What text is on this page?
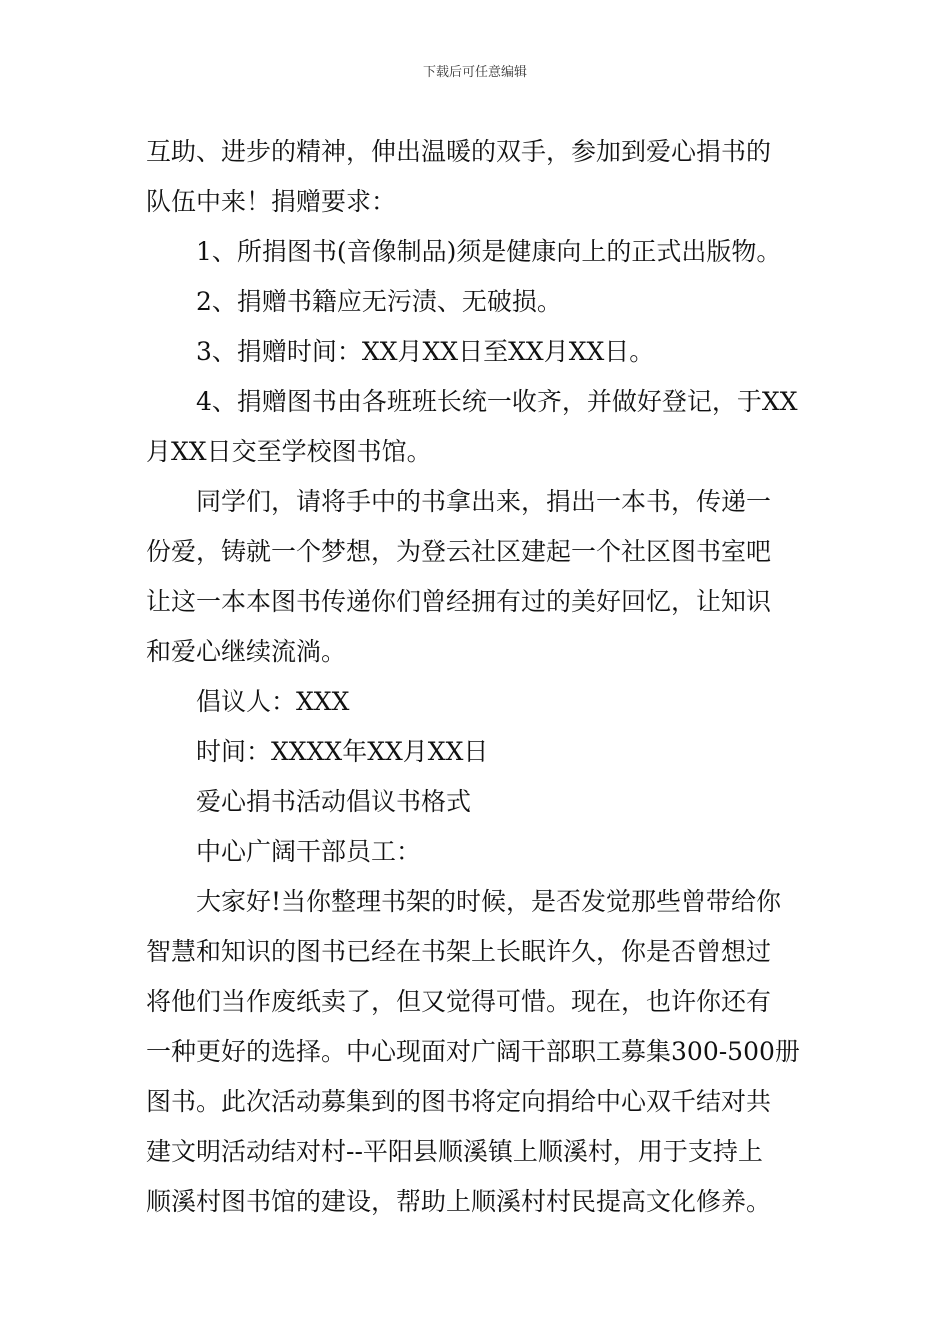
下载后可任意编辑
互助、进步的精神，伸出温暖的双手，参加到爱心捐书的
队伍中来！捐赠要求：
1、所捐图书(音像制品)须是健康向上的正式出版物。
2、捐赠书籍应无污渍、无破损。
3、捐赠时间：XX月XX日至XX月XX日。
4、捐赠图书由各班班长统一收齐，并做好登记，于XX
月XX日交至学校图书馆。
同学们，请将手中的书拿出来，捐出一本书，传递一
份爱，铸就一个梦想，为登云社区建起一个社区图书室吧
让这一本本图书传递你们曾经拥有过的美好回忆，让知识
和爱心继续流淌。
倡议人：XXX
时间：XXXX年XX月XX日
爱心捐书活动倡议书格式
中心广阔干部员工：
大家好!当你整理书架的时候，是否发觉那些曾带给你
智慧和知识的图书已经在书架上长眠许久，你是否曾想过
将他们当作废纸卖了，但又觉得可惜。现在，也许你还有
一种更好的选择。中心现面对广阔干部职工募集300-500册
图书。此次活动募集到的图书将定向捐给中心双千结对共
建文明活动结对村--平阳县顺溪镇上顺溪村，用于支持上
顺溪村图书馆的建设，帮助上顺溪村村民提高文化修养。
